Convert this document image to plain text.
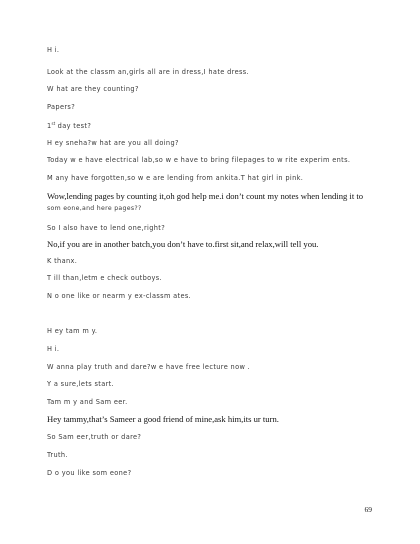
H i.
Look at the classm an,girls all are in dress,I hate dress.
W hat are they counting?
Papers?
1st day test?
H ey sneha?w hat are you all doing?
Today w e have electrical lab,so w e have to bring filepages to w rite experim ents.
M any have forgotten,so w e are lending from ankita.T hat girl in pink.
Wow,lending pages by counting it,oh god help me.i don’t count my notes when lending it to
som eone,and here pages??
So I also have to lend one,right?
No,if you are in another batch,you don’t have to.first sit,and relax,will tell you.
K thanx.
T ill than,letm e check outboys.
N o one like or nearm y ex-classm ates.
H ey tam m y.
H i.
W anna play truth and dare?w e have free lecture now .
Y a sure,lets start.
Tam m y and Sam eer.
Hey tammy,that’s Sameer a good friend of mine,ask him,its ur turn.
So Sam eer,truth or dare?
Truth.
D o you like som eone?
69
